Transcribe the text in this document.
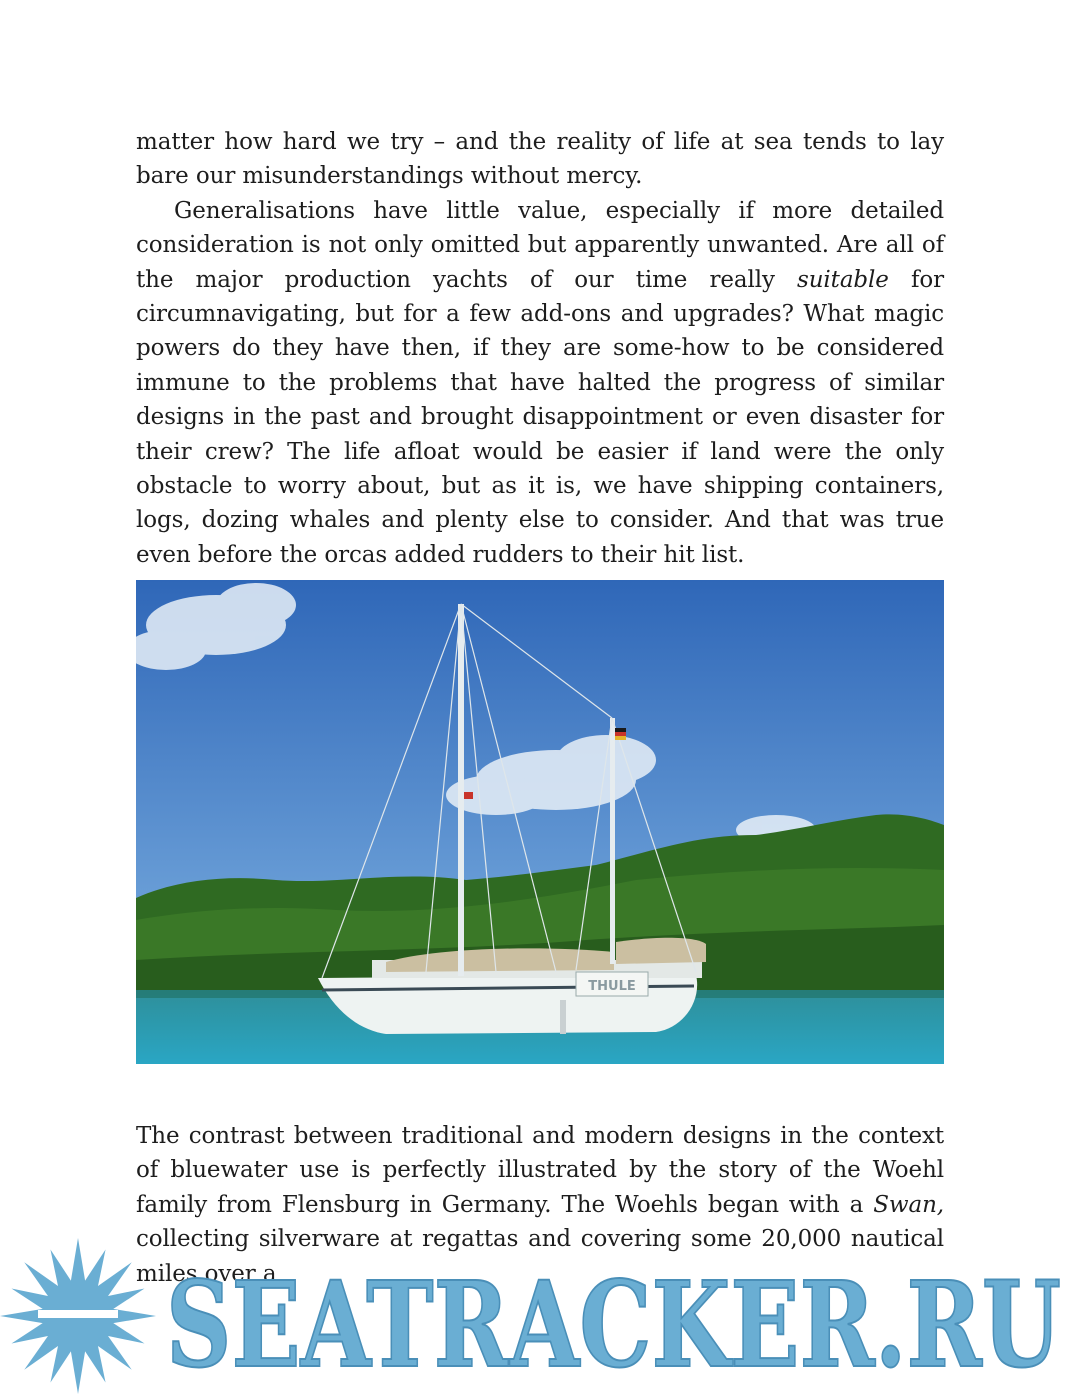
matter how hard we try – and the reality of life at sea tends to lay bare our misunderstandings without mercy.

Generalisations have little value, especially if more detailed consideration is not only omitted but apparently unwanted. Are all of the major production yachts of our time really suitable for circumnavigating, but for a few add-ons and upgrades? What magic powers do they have then, if they are some-how to be considered immune to the problems that have halted the progress of similar designs in the past and brought disappointment or even disaster for their crew? The life afloat would be easier if land were the only obstacle to worry about, but as it is, we have shipping containers, logs, dozing whales and plenty else to consider. And that was true even before the orcas added rudders to their hit list.

THULE

The contrast between traditional and modern designs in the context of bluewater use is perfectly illustrated by the story of the Woehl family from Flensburg in Germany. The Woehls began with a Swan, collecting silverware at regattas and covering some 20,000 nautical miles over a

SEATRACKER.RU
